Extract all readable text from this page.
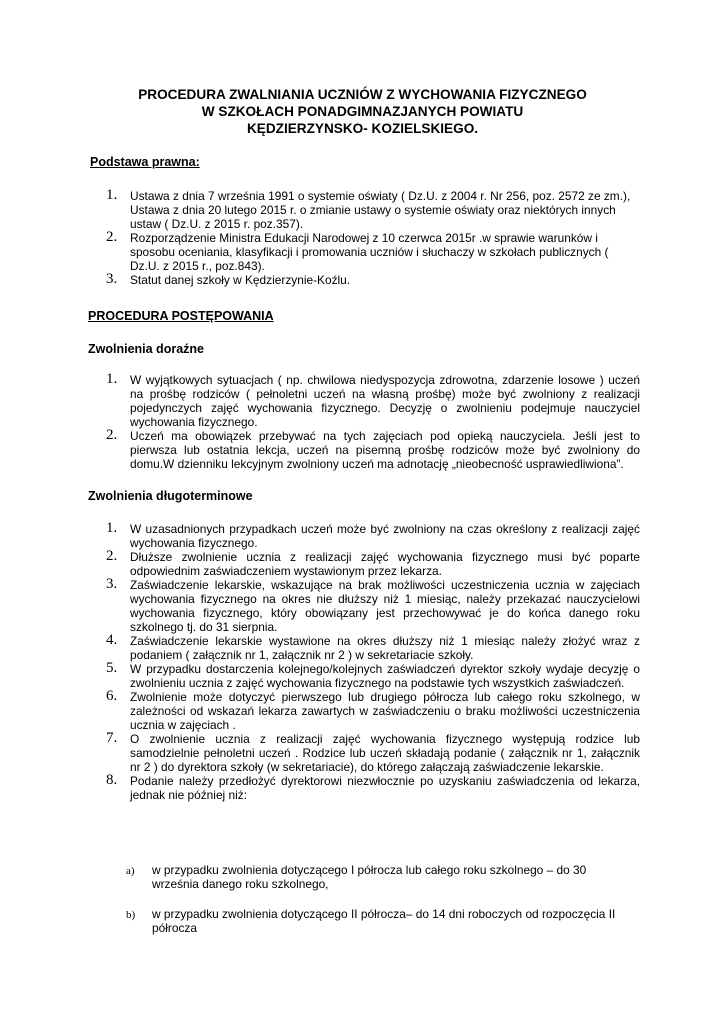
PROCEDURA ZWALNIANIA UCZNIÓW Z WYCHOWANIA FIZYCZNEGO
W SZKOŁACH PONADGIMNAZJANYCH POWIATU
KĘDZIERZYNSKO- KOZIELSKIEGO.

Podstawa prawna:

1. Ustawa z dnia 7 września 1991 o systemie oświaty ( Dz.U. z 2004 r. Nr 256, poz. 2572 ze zm.), Ustawa z dnia 20 lutego 2015 r. o zmianie ustawy o systemie oświaty oraz niektórych innych ustaw ( Dz.U. z 2015 r. poz.357).
2. Rozporządzenie Ministra Edukacji Narodowej z 10 czerwca 2015r .w sprawie warunków i sposobu oceniania, klasyfikacji i promowania uczniów i słuchaczy w szkołach publicznych ( Dz.U. z 2015 r., poz.843).
3. Statut danej szkoły w Kędzierzynie-Koźlu.

PROCEDURA POSTĘPOWANIA

Zwolnienia doraźne

1. W wyjątkowych sytuacjach ( np. chwilowa niedyspozycja zdrowotna, zdarzenie losowe ) uczeń na prośbę rodziców ( pełnoletni uczeń na własną prośbę) może być zwolniony z realizacji pojedynczych zajęć wychowania fizycznego. Decyzję o zwolnieniu podejmuje nauczyciel wychowania fizycznego.
2. Uczeń ma obowiązek przebywać na tych zajęciach pod opieką nauczyciela. Jeśli jest to pierwsza lub ostatnia lekcja, uczeń na pisemną prośbę rodziców może być zwolniony do domu.W dzienniku lekcyjnym zwolniony uczeń ma adnotację „nieobecność usprawiedliwiona”.

Zwolnienia długoterminowe

1. W uzasadnionych przypadkach uczeń może być zwolniony na czas określony z realizacji zajęć wychowania fizycznego.
2. Dłuższe zwolnienie ucznia z realizacji zajęć wychowania fizycznego musi być poparte odpowiednim zaświadczeniem wystawionym przez lekarza.
3. Zaświadczenie lekarskie, wskazujące na brak możliwości uczestniczenia ucznia w zajęciach wychowania fizycznego na okres nie dłuższy niż 1 miesiąc, należy przekazać nauczycielowi wychowania fizycznego, który obowiązany jest przechowywać je do końca danego roku szkolnego tj. do 31 sierpnia.
4. Zaświadczenie lekarskie wystawione na okres dłuższy niż 1 miesiąc należy złożyć wraz z podaniem ( załącznik nr 1, załącznik nr 2 ) w sekretariacie szkoły.
5. W przypadku dostarczenia kolejnego/kolejnych zaświadczeń dyrektor szkoły wydaje decyzję o zwolnieniu ucznia z zajęć wychowania fizycznego na podstawie tych wszystkich zaświadczeń.
6. Zwolnienie może dotyczyć pierwszego lub drugiego półrocza lub całego roku szkolnego, w zależności od wskazań lekarza zawartych w zaświadczeniu o braku możliwości uczestniczenia ucznia w zajęciach .
7. O zwolnienie ucznia z realizacji zajęć wychowania fizycznego występują rodzice lub samodzielnie pełnoletni uczeń . Rodzice lub uczeń składają podanie ( załącznik nr 1, załącznik nr 2 ) do dyrektora szkoły (w sekretariacie), do którego załączają zaświadczenie lekarskie.
8. Podanie należy przedłożyć dyrektorowi niezwłocznie po uzyskaniu zaświadczenia od lekarza, jednak nie później niż:
a) w przypadku zwolnienia dotyczącego I półrocza lub całego roku szkolnego – do 30 września danego roku szkolnego,
b) w przypadku zwolnienia dotyczącego II półrocza– do 14 dni roboczych od rozpoczęcia II półrocza
